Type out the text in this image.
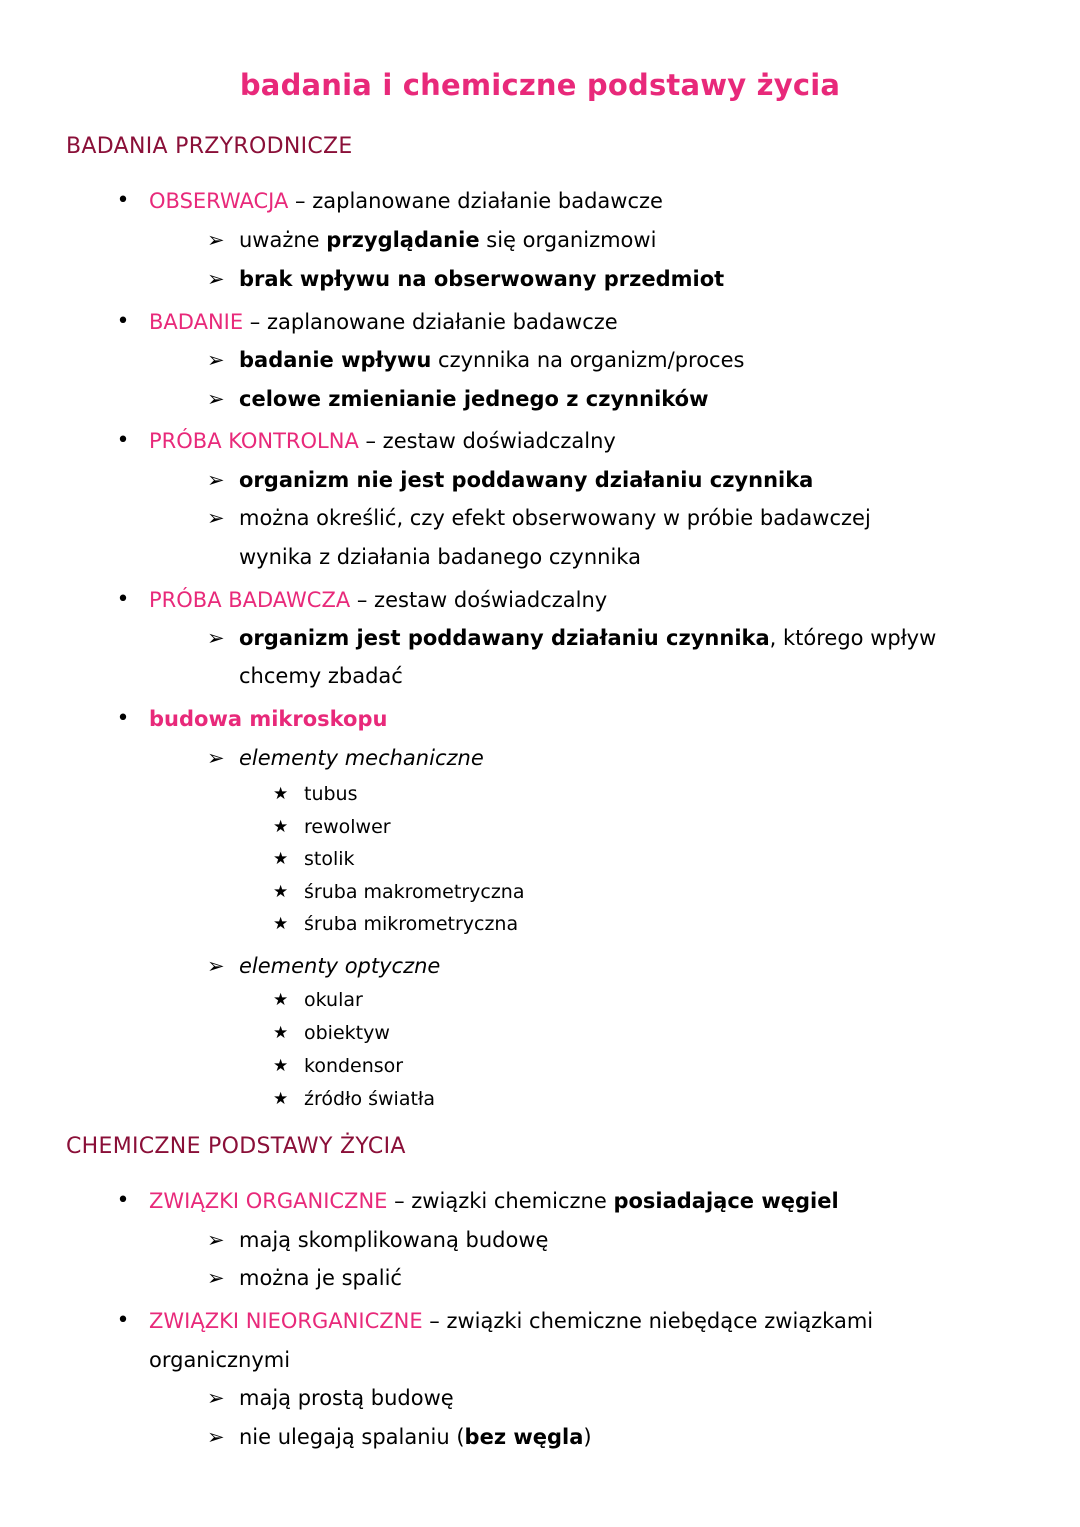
badania i chemiczne podstawy życia
BADANIA PRZYRODNICZE
• OBSERWACJA – zaplanowane działanie badawcze
➢ uważne przyglądanie się organizmowi
➢ brak wpływu na obserwowany przedmiot
• BADANIE – zaplanowane działanie badawcze
➢ badanie wpływu czynnika na organizm/proces
➢ celowe zmienianie jednego z czynników
• PRÓBA KONTROLNA – zestaw doświadczalny
➢ organizm nie jest poddawany działaniu czynnika
➢ można określić, czy efekt obserwowany w próbie badawczej
wynika z działania badanego czynnika
• PRÓBA BADAWCZA – zestaw doświadczalny
➢ organizm jest poddawany działaniu czynnika, którego wpływ
chcemy zbadać
• budowa mikroskopu
➢ elementy mechaniczne
★ tubus
★ rewolwer
★ stolik
★ śruba makrometryczna
★ śruba mikrometryczna
➢ elementy optyczne
★ okular
★ obiektyw
★ kondensor
★ źródło światła
CHEMICZNE PODSTAWY ŻYCIA
• ZWIĄZKI ORGANICZNE – związki chemiczne posiadające węgiel
➢ mają skomplikowaną budowę
➢ można je spalić
• ZWIĄZKI NIEORGANICZNE – związki chemiczne niebędące związkami
organicznymi
➢ mają prostą budowę
➢ nie ulegają spalaniu (bez węgla)
